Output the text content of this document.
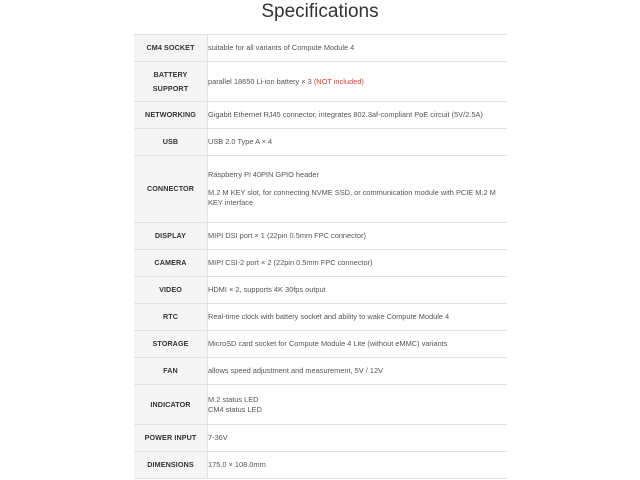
Specifications
CM4 SOCKET	suitable for all variants of Compute Module 4

BATTERY
SUPPORT	parallel 18650 Li-ion battery × 3 (NOT included)
NETWORKING	Gigabit Ethernet RJ45 connector, integrates 802.3af-compliant PoE circuit (5V/2.5A)
USB	USB 2.0 Type A × 4
CONNECTOR	Raspberry Pi 40PIN GPIO header
M.2 M KEY slot, for connecting NVME SSD, or communication module with PCIE M.2 M KEY interface

DISPLAY	MIPI DSI port × 1 (22pin 0.5mm FPC connector)
CAMERA	MIPI CSI-2 port × 2 (22pin 0.5mm FPC connector)
VIDEO	HDMI × 2, supports 4K 30fps output
RTC	Real-time clock with battery socket and ability to wake Compute Module 4
STORAGE	MicroSD card socket for Compute Module 4 Lite (without eMMC) variants
FAN	allows speed adjustment and measurement, 5V / 12V
INDICATOR	M.2 status LED
CM4 status LED

POWER INPUT	7-36V
DIMENSIONS	175.0 × 108.0mm
